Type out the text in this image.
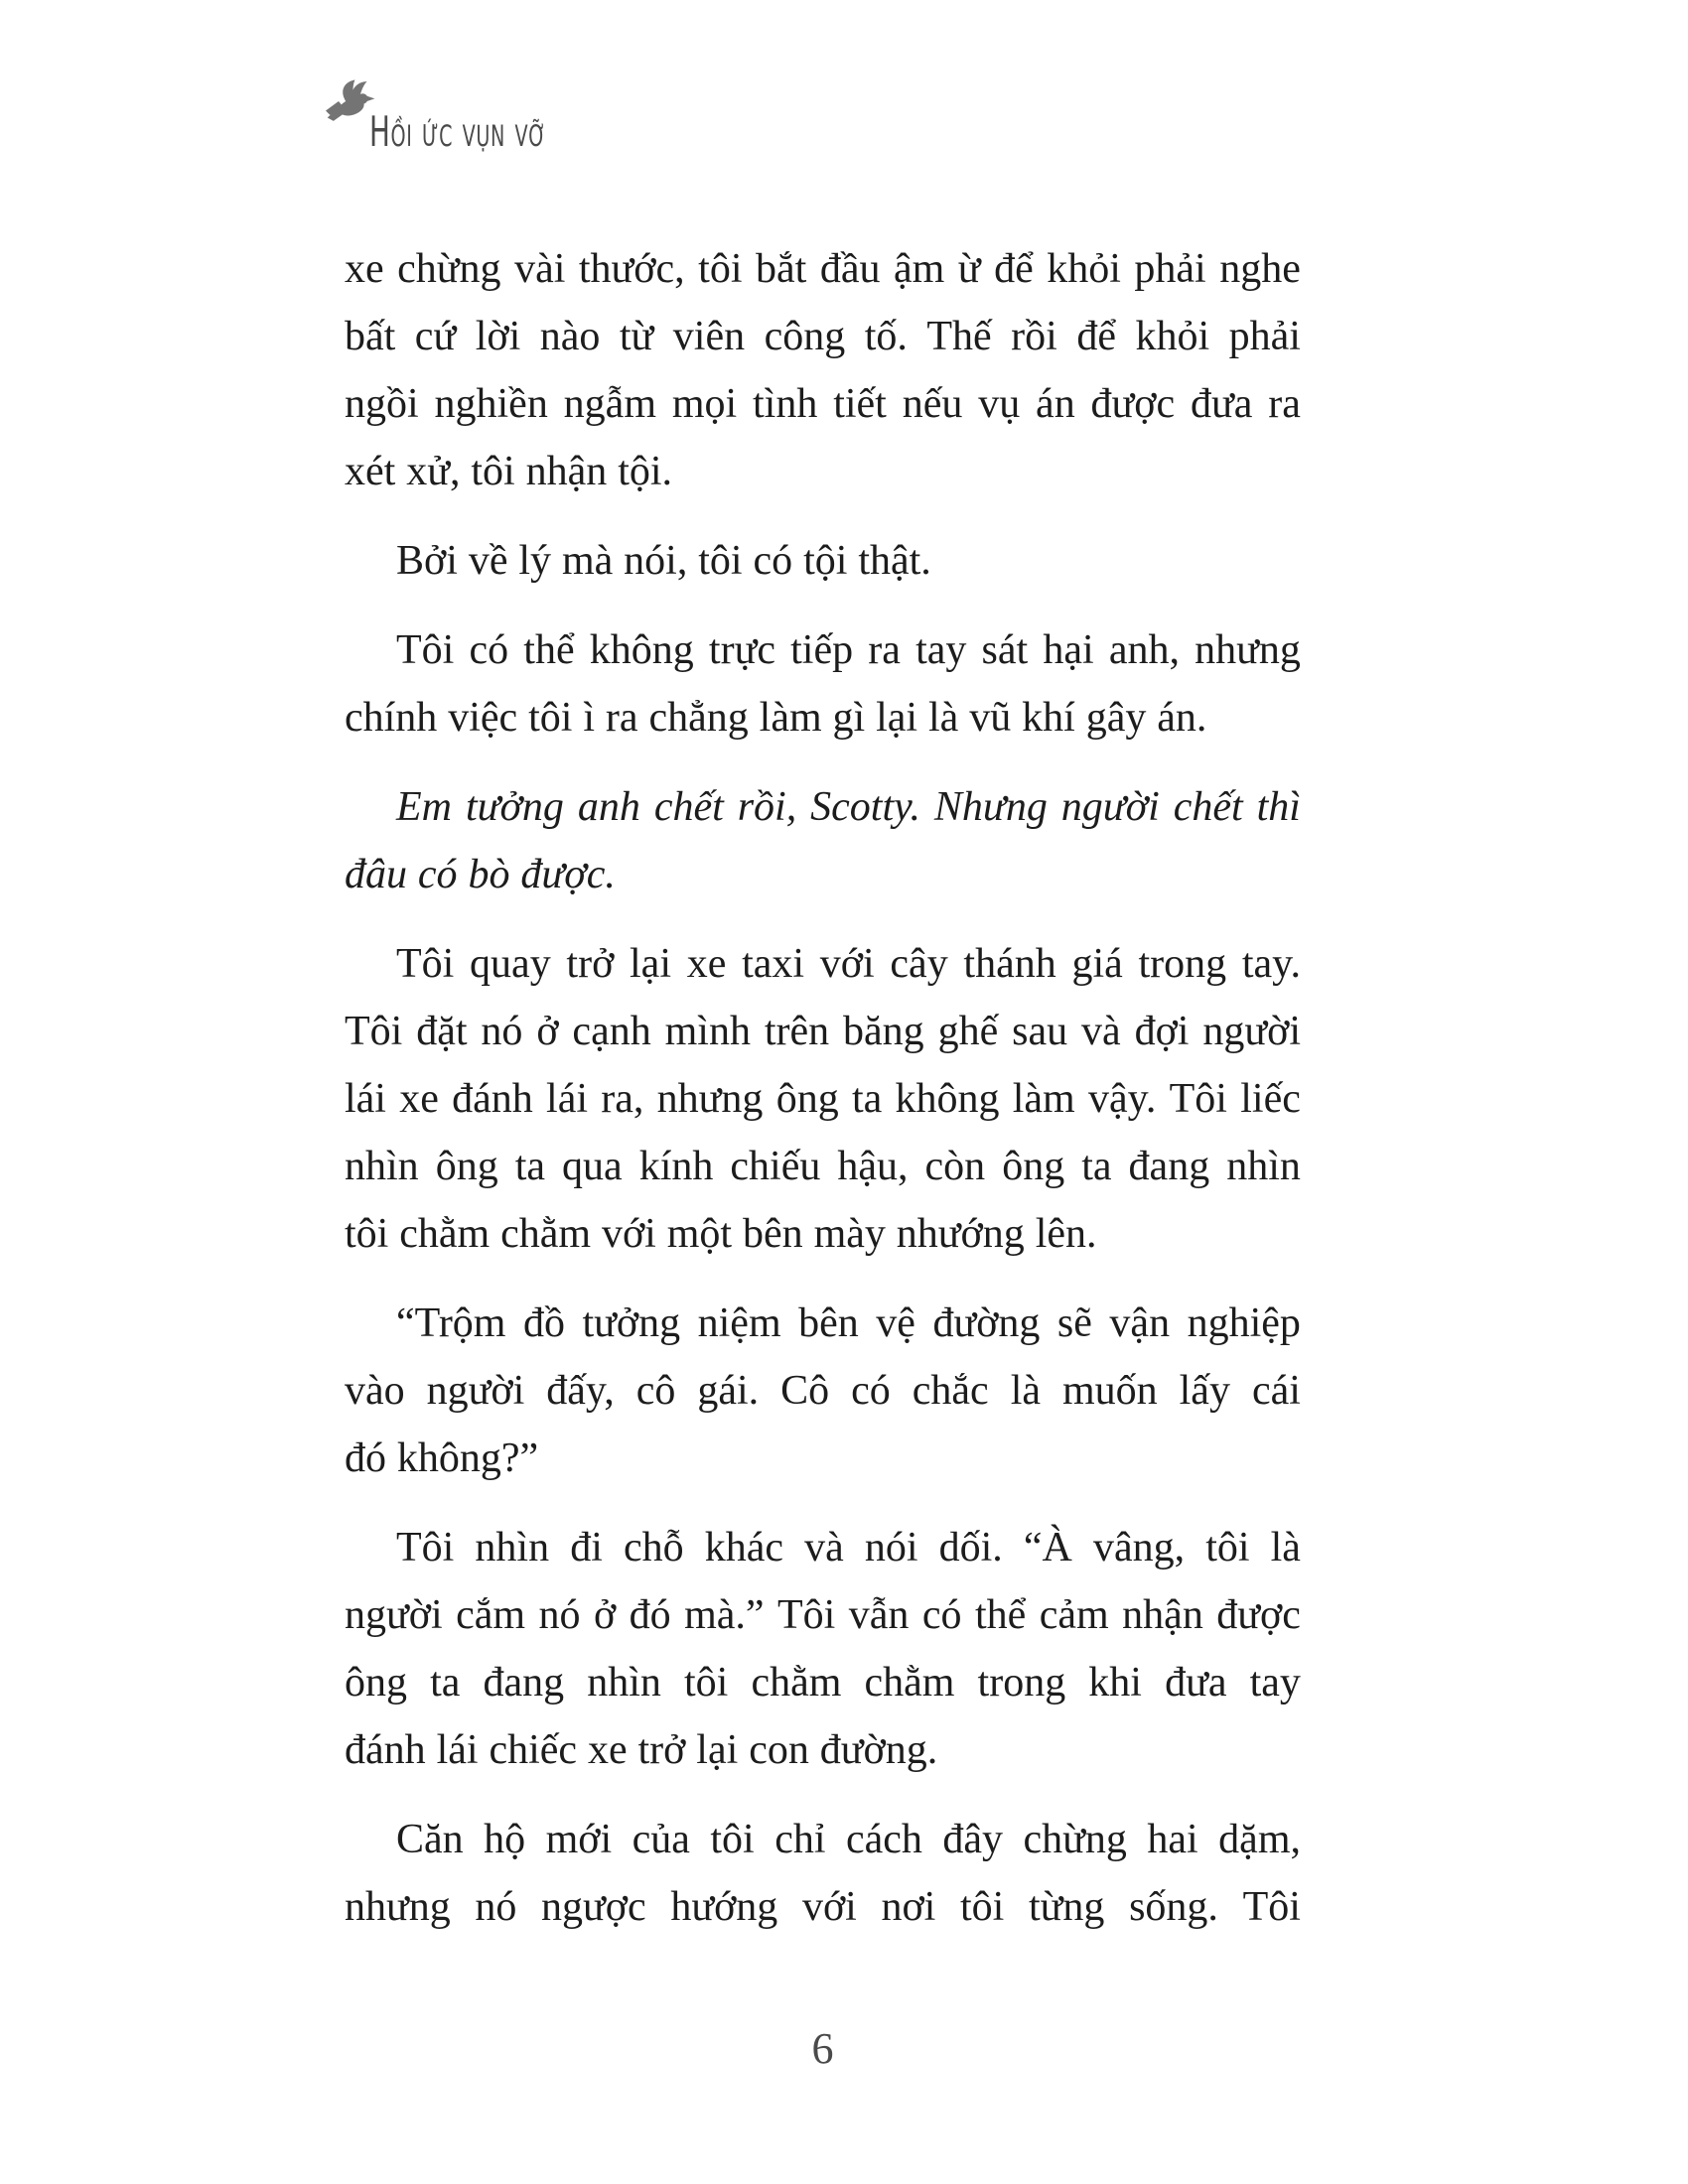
Hồi ức vụn vỡ
xe chừng vài thước, tôi bắt đầu ậm ừ để khỏi phải nghe
bất cứ lời nào từ viên công tố. Thế rồi để khỏi phải
ngồi nghiền ngẫm mọi tình tiết nếu vụ án được đưa ra
xét xử, tôi nhận tội.
Bởi về lý mà nói, tôi có tội thật.
Tôi có thể không trực tiếp ra tay sát hại anh, nhưng
chính việc tôi ì ra chẳng làm gì lại là vũ khí gây án.
Em tưởng anh chết rồi, Scotty. Nhưng người chết thì
đâu có bò được.
Tôi quay trở lại xe taxi với cây thánh giá trong tay.
Tôi đặt nó ở cạnh mình trên băng ghế sau và đợi người
lái xe đánh lái ra, nhưng ông ta không làm vậy. Tôi liếc
nhìn ông ta qua kính chiếu hậu, còn ông ta đang nhìn
tôi chằm chằm với một bên mày nhướng lên.
“Trộm đồ tưởng niệm bên vệ đường sẽ vận nghiệp
vào người đấy, cô gái. Cô có chắc là muốn lấy cái
đó không?”
Tôi nhìn đi chỗ khác và nói dối. “À vâng, tôi là
người cắm nó ở đó mà.” Tôi vẫn có thể cảm nhận được
ông ta đang nhìn tôi chằm chằm trong khi đưa tay
đánh lái chiếc xe trở lại con đường.
Căn hộ mới của tôi chỉ cách đây chừng hai dặm,
nhưng nó ngược hướng với nơi tôi từng sống. Tôi
6
